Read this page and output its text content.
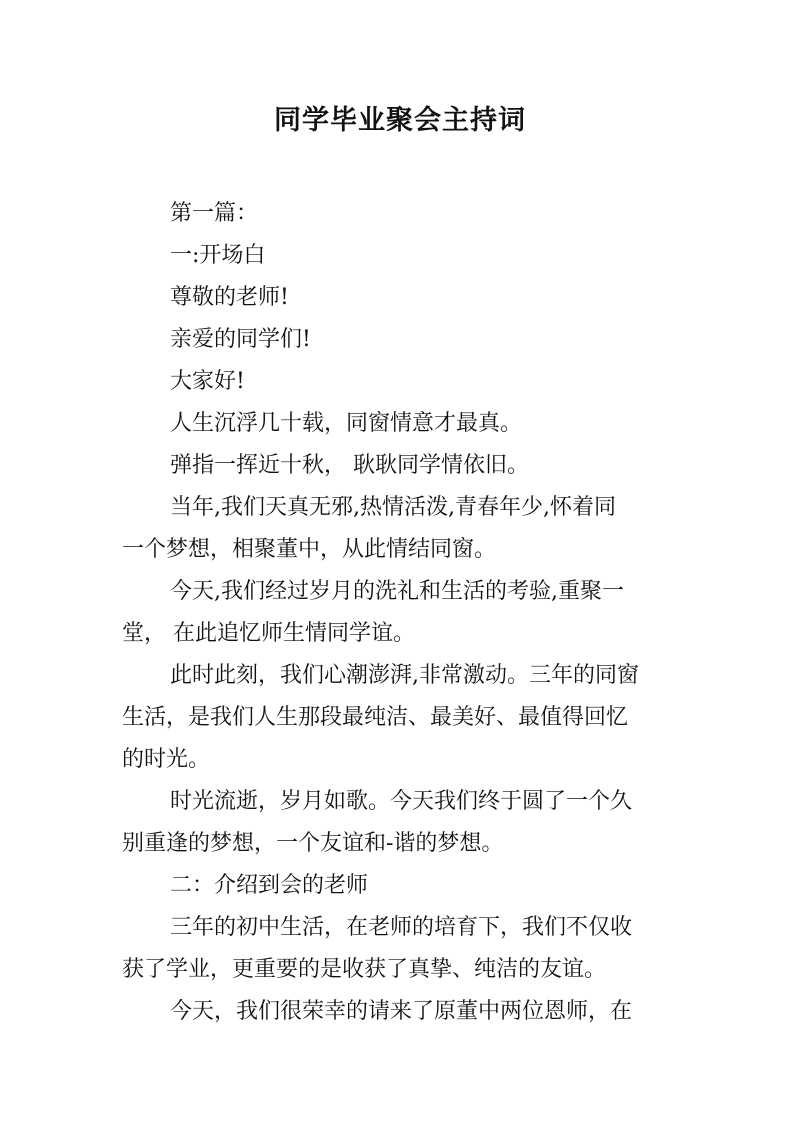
同学毕业聚会主持词

第一篇：

一:开场白

尊敬的老师!

亲爱的同学们!

大家好!

人生沉浮几十载，同窗情意才最真。

弹指一挥近十秋， 耿耿同学情依旧。

当年,我们天真无邪,热情活泼,青春年少,怀着同
一个梦想，相聚董中，从此情结同窗。

今天,我们经过岁月的洗礼和生活的考验,重聚一
堂， 在此追忆师生情同学谊。

此时此刻，我们心潮澎湃,非常激动。三年的同窗
生活，是我们人生那段最纯洁、最美好、最值得回忆
的时光。

时光流逝，岁月如歌。今天我们终于圆了一个久
别重逢的梦想，一个友谊和-谐的梦想。

二：介绍到会的老师

三年的初中生活，在老师的培育下，我们不仅收
获了学业，更重要的是收获了真挚、纯洁的友谊。

今天，我们很荣幸的请来了原董中两位恩师，在
